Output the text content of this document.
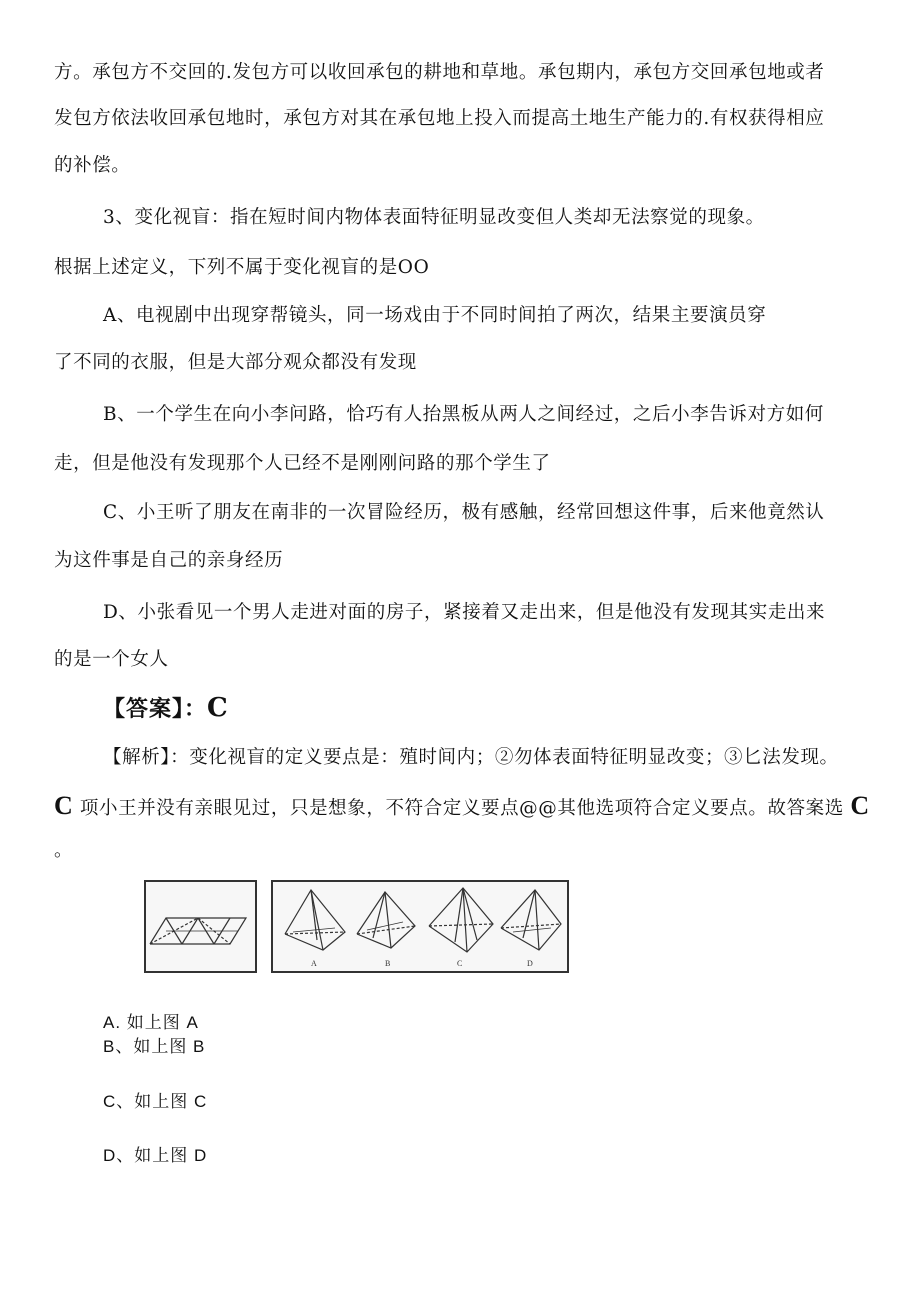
方。承包方不交回的.发包方可以收回承包的耕地和草地。承包期内，承包方交回承包地或者
发包方依法收回承包地时，承包方对其在承包地上投入而提高土地生产能力的.有权获得相应
的补偿。
3、变化视盲：指在短时间内物体表面特征明显改变但人类却无法察觉的现象。
根据上述定义，下列不属于变化视盲的是OO
A、电视剧中出现穿帮镜头，同一场戏由于不同时间拍了两次，结果主要演员穿
了不同的衣服，但是大部分观众都没有发现
B、一个学生在向小李问路，恰巧有人抬黑板从两人之间经过，之后小李告诉对方如何
走，但是他没有发现那个人已经不是刚刚问路的那个学生了
C、小王听了朋友在南非的一次冒险经历，极有感触，经常回想这件事，后来他竟然认
为这件事是自己的亲身经历
D、小张看见一个男人走进对面的房子，紧接着又走出来，但是他没有发现其实走出来
的是一个女人
【答案】：C
【解析】：变化视盲的定义要点是：殖时间内；②勿体表面特征明显改变；③匕法发现。
C 项小王并没有亲眼见过，只是想象，不符合定义要点@@其他选项符合定义要点。故答案选 C
。
A	B	C	D
A. 如上图 A
B、如上图 B
C、如上图 C
D、如上图 D
